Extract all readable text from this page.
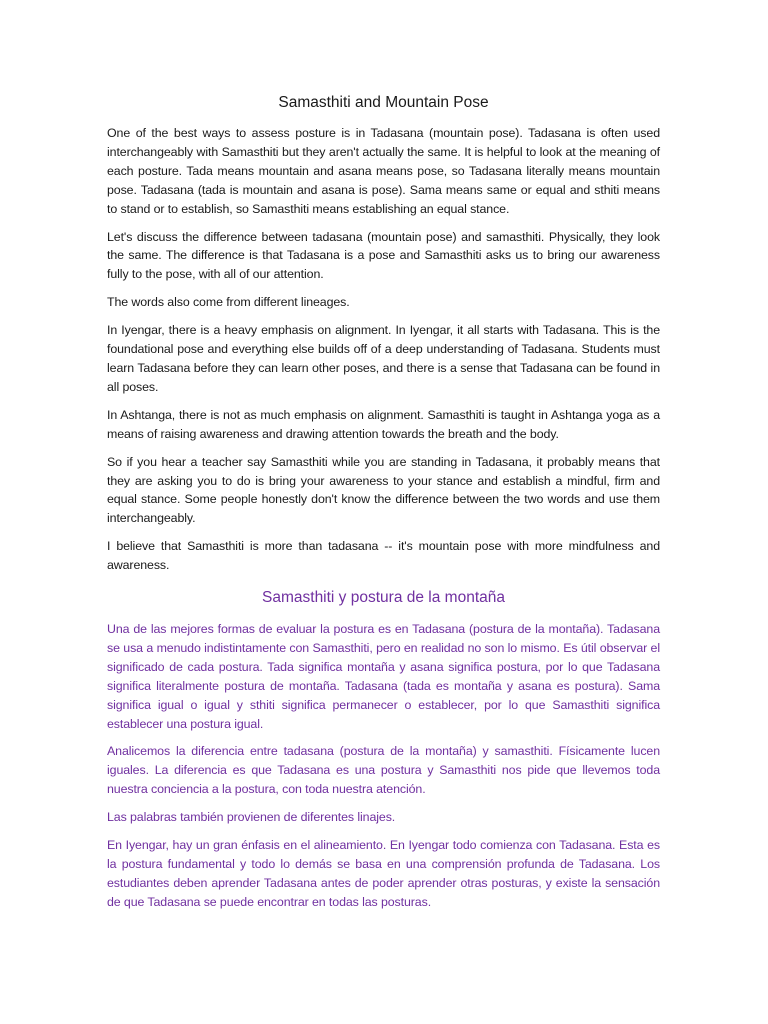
Samasthiti and Mountain Pose

One of the best ways to assess posture is in Tadasana (mountain pose). Tadasana is often used interchangeably with Samasthiti but they aren't actually the same. It is helpful to look at the meaning of each posture. Tada means mountain and asana means pose, so Tadasana literally means mountain pose. Tadasana (tada is mountain and asana is pose). Sama means same or equal and sthiti means to stand or to establish, so Samasthiti means establishing an equal stance.

Let's discuss the difference between tadasana (mountain pose) and samasthiti. Physically, they look the same. The difference is that Tadasana is a pose and Samasthiti asks us to bring our awareness fully to the pose, with all of our attention.

The words also come from different lineages.

In Iyengar, there is a heavy emphasis on alignment. In Iyengar, it all starts with Tadasana. This is the foundational pose and everything else builds off of a deep understanding of Tadasana. Students must learn Tadasana before they can learn other poses, and there is a sense that Tadasana can be found in all poses.

In Ashtanga, there is not as much emphasis on alignment. Samasthiti is taught in Ashtanga yoga as a means of raising awareness and drawing attention towards the breath and the body.

So if you hear a teacher say Samasthiti while you are standing in Tadasana, it probably means that they are asking you to do is bring your awareness to your stance and establish a mindful, firm and equal stance. Some people honestly don't know the difference between the two words and use them interchangeably.

I believe that Samasthiti is more than tadasana -- it's mountain pose with more mindfulness and awareness.

Samasthiti y postura de la montaña

Una de las mejores formas de evaluar la postura es en Tadasana (postura de la montaña). Tadasana se usa a menudo indistintamente con Samasthiti, pero en realidad no son lo mismo. Es útil observar el significado de cada postura. Tada significa montaña y asana significa postura, por lo que Tadasana significa literalmente postura de montaña. Tadasana (tada es montaña y asana es postura). Sama significa igual o igual y sthiti significa permanecer o establecer, por lo que Samasthiti significa establecer una postura igual.

Analicemos la diferencia entre tadasana (postura de la montaña) y samasthiti. Físicamente lucen iguales. La diferencia es que Tadasana es una postura y Samasthiti nos pide que llevemos toda nuestra conciencia a la postura, con toda nuestra atención.

Las palabras también provienen de diferentes linajes.

En Iyengar, hay un gran énfasis en el alineamiento. En Iyengar todo comienza con Tadasana. Esta es la postura fundamental y todo lo demás se basa en una comprensión profunda de Tadasana. Los estudiantes deben aprender Tadasana antes de poder aprender otras posturas, y existe la sensación de que Tadasana se puede encontrar en todas las posturas.
